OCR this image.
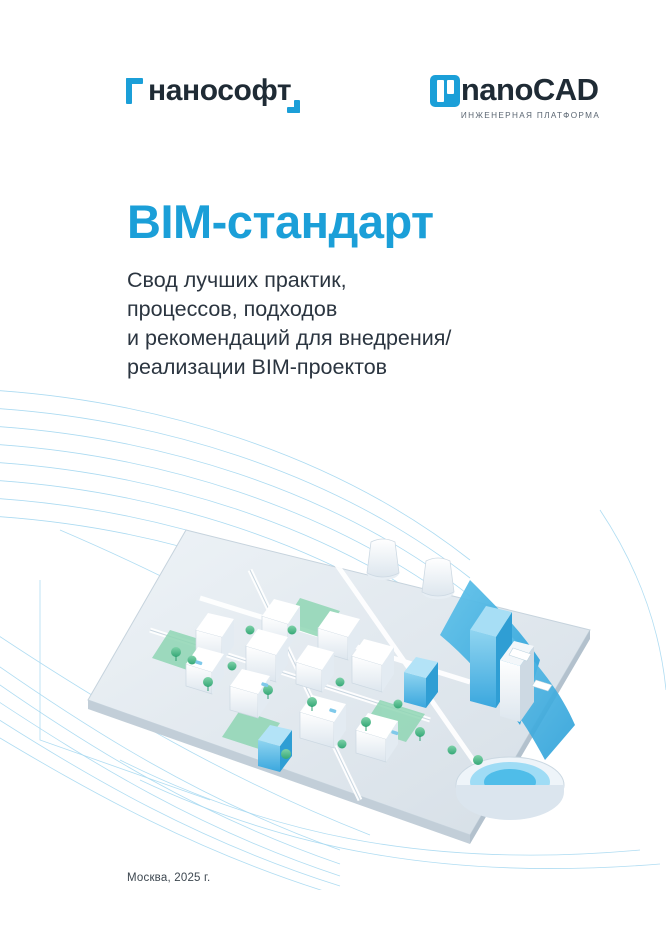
нанософт	nanoCAD ИНЖЕНЕРНАЯ ПЛАТФОРМА
BIM-стандарт
Свод лучших практик,
процессов, подходов
и рекомендаций для внедрения/
реализации BIM-проектов
Москва, 2025 г.
